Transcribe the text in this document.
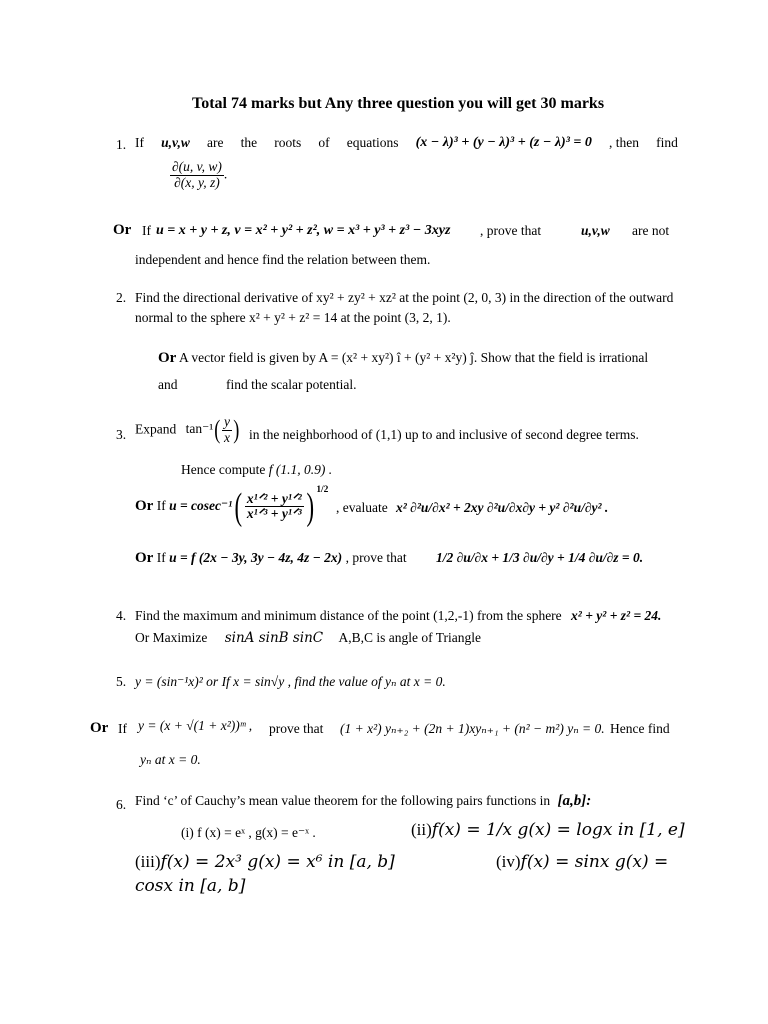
Total 74 marks but Any three question you will get 30 marks
1. If u,v,w are the roots of equations (x − λ)³ + (y − λ)³ + (z − λ)³ = 0 , then find
$\frac{\partial(u, v, w)}{\partial(x, y, z)}$ .
Or If u = x + y + z, v = x² + y² + z², w = x³ + y³ + z³ − 3xyz , prove that	u,v,w are not
independent and hence find the relation between them.
2. Find the directional derivative of xy² + zy² + xz² at the point (2, 0, 3) in the direction of the outward
normal to the sphere x² + y² + z² = 14 at the point (3, 2, 1).
Or A vector field is given by A = (x² + xy²) î + (y² + x²y) ĵ. Show that the field is irrational
and	find the scalar potential.
3. Expand $\tan^{-1}( \frac{y}{x}$ ) in the neighborhood of (1,1) up to and inclusive of second degree terms.
Hence compute f (1.1, 0.9) .
Or If $u = cosec^{-1}( \frac{\text{x¹ᐟ² + y¹ᐟ²}}{\text{x¹ᐟ³ + y¹ᐟ³}}$ ) $^{1/2}$
, evaluate x² ∂²u/∂x² + 2xy ∂²u/∂x∂y + y² ∂²u/∂y² .
Or If u = f (2x − 3y, 3y − 4z, 4z − 2x) , prove that 1/2 ∂u/∂x + 1/3 ∂u/∂y + 1/4 ∂u/∂z = 0.
4. Find the maximum and minimum distance of the point (1,2,-1) from the sphere x² + y² + z² = 24.
Or Maximize sinA sinB sinC A,B,C is angle of Triangle
5. y = (sin⁻¹x)² or If x = sin√y , find the value of yₙ at x = 0.
Or If y = (x + √(1 + x²))ᵐ , prove that (1 + x²) yₙ₊₂ + (2n + 1)xyₙ₊₁ + (n² − m²) yₙ = 0. Hence find
yₙ at x = 0.
6. Find ‘c’ of Cauchy’s mean value theorem for the following pairs functions in [a,b]:
(i) f (x) = eˣ , g(x) = e⁻ˣ .	(ii)f(x) = 1/x g(x) = logx in [1, e]
(iii)f(x) = 2x³ g(x) = x⁶ in [a, b]	(iv)f(x) = sinx g(x) =
cosx in [a, b]
